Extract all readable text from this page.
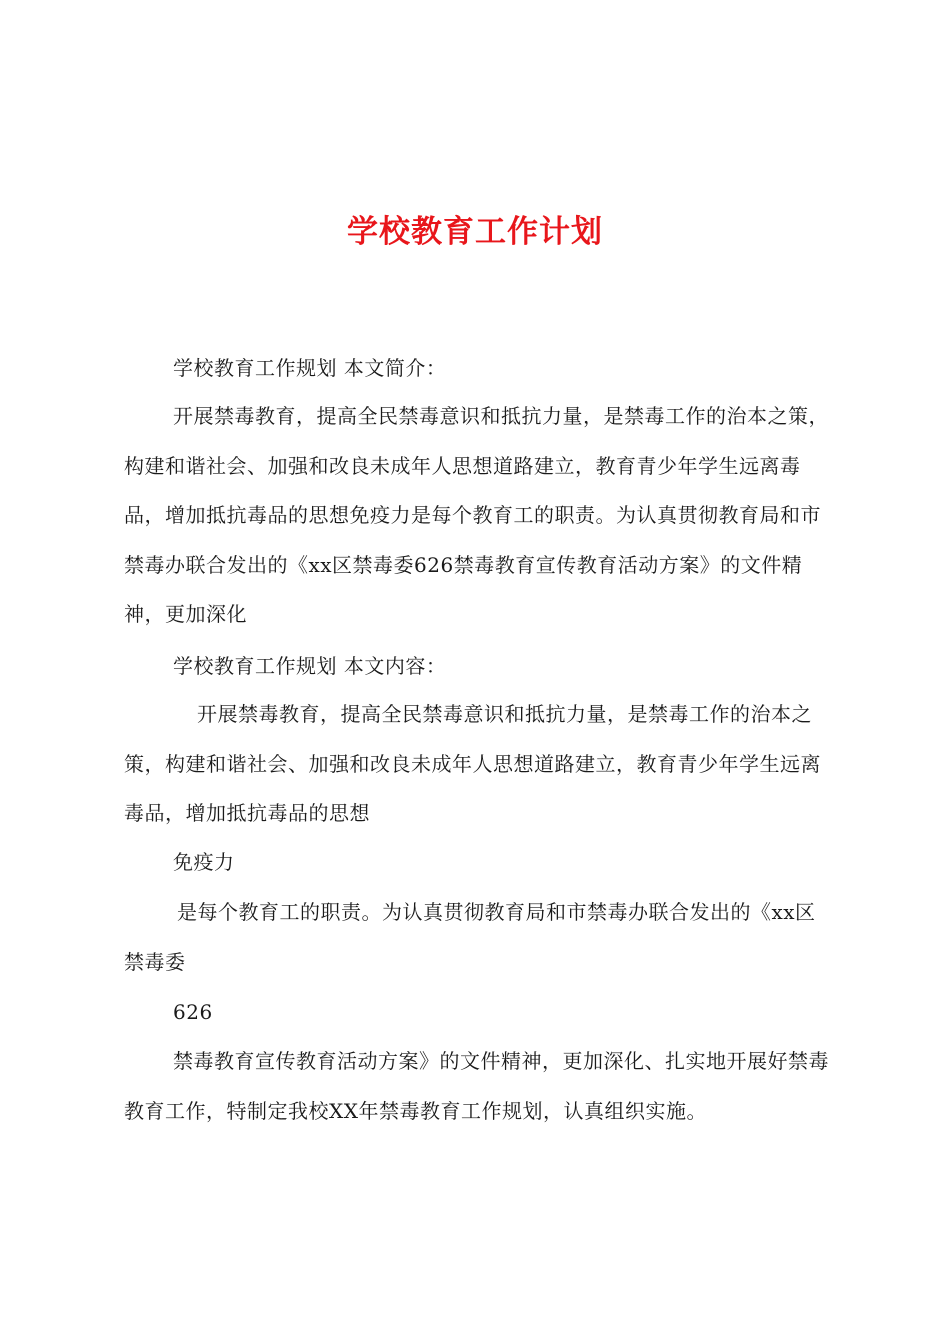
学校教育工作计划

学校教育工作规划 本文简介：

开展禁毒教育，提高全民禁毒意识和抵抗力量，是禁毒工作的治本之策，构建和谐社会、加强和改良未成年人思想道路建立，教育青少年学生远离毒品，增加抵抗毒品的思想免疫力是每个教育工的职责。为认真贯彻教育局和市禁毒办联合发出的《xx区禁毒委626禁毒教育宣传教育活动方案》的文件精神，更加深化

学校教育工作规划 本文内容：

开展禁毒教育，提高全民禁毒意识和抵抗力量，是禁毒工作的治本之策，构建和谐社会、加强和改良未成年人思想道路建立，教育青少年学生远离毒品，增加抵抗毒品的思想

免疫力

是每个教育工的职责。为认真贯彻教育局和市禁毒办联合发出的《xx区禁毒委

626

禁毒教育宣传教育活动方案》的文件精神，更加深化、扎实地开展好禁毒教育工作，特制定我校XX年禁毒教育工作规划，认真组织实施。
